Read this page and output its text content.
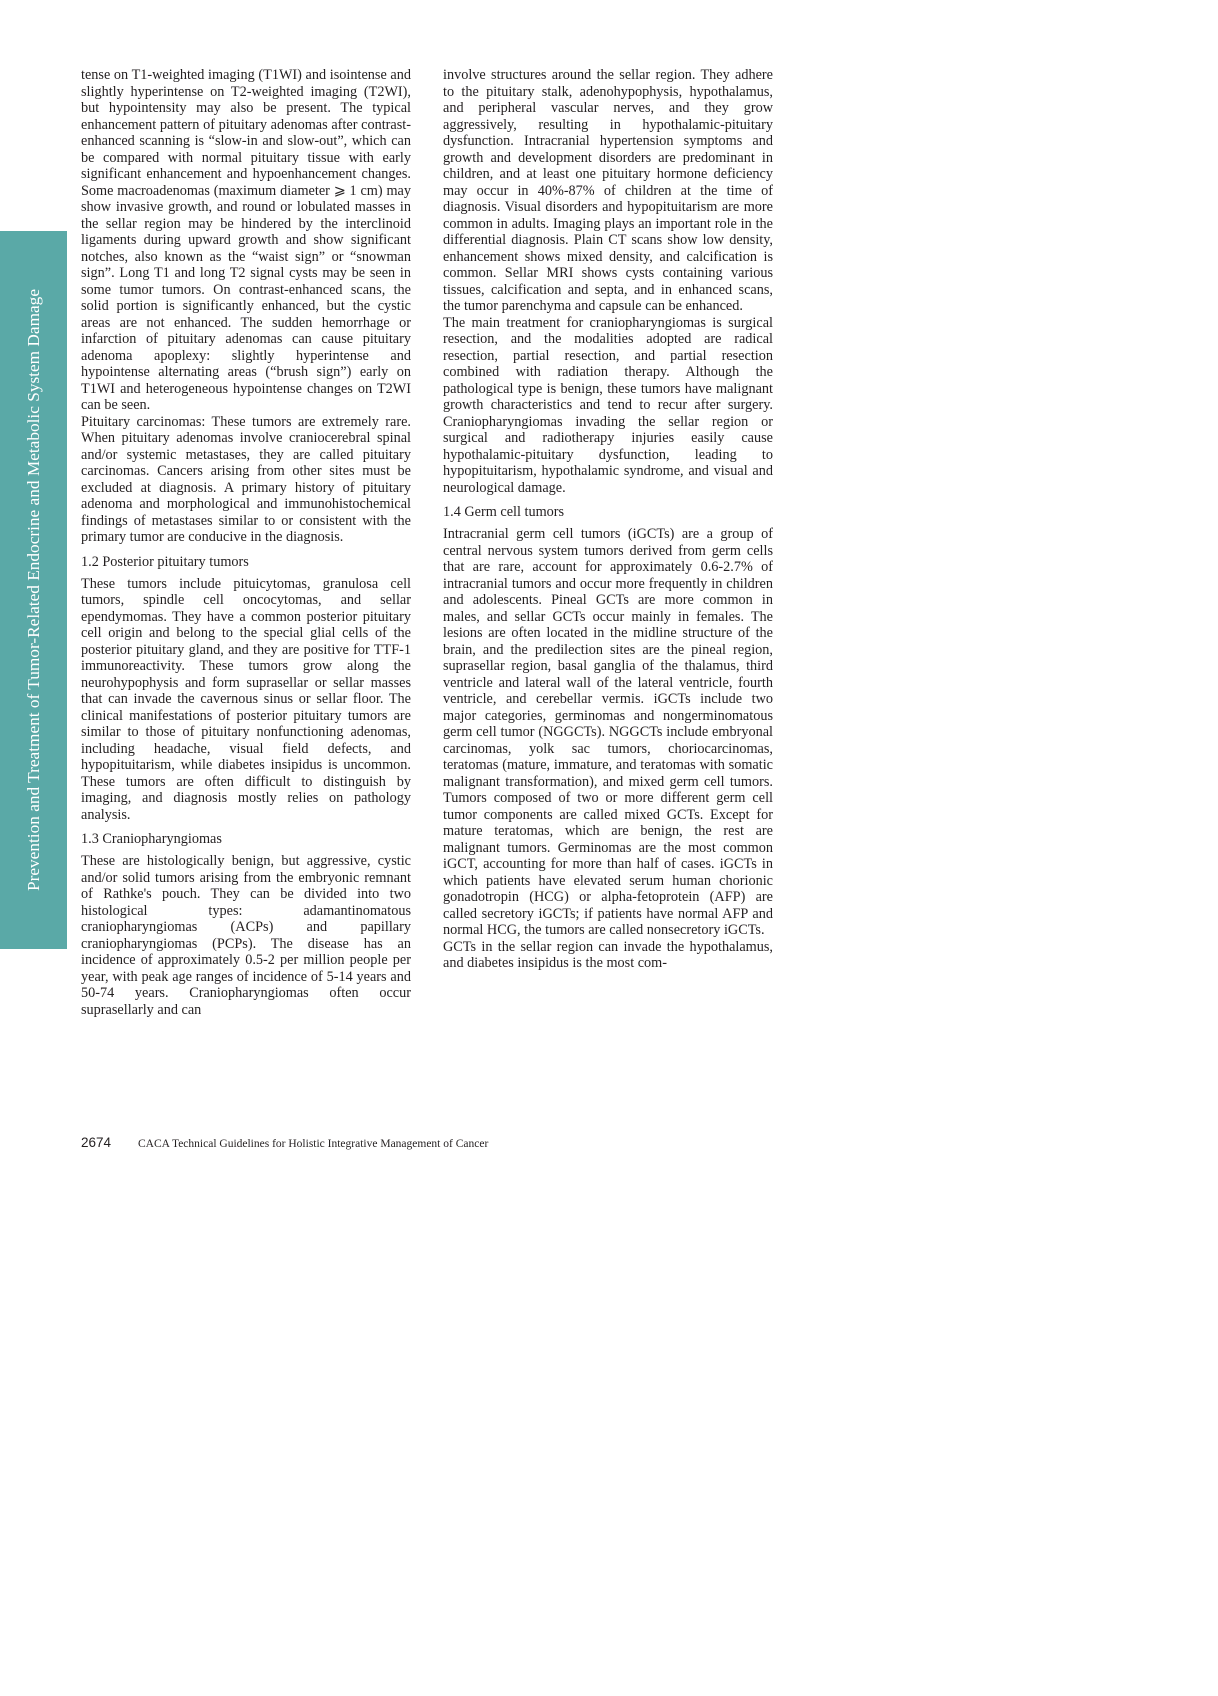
Prevention and Treatment of Tumor-Related Endocrine and Metabolic System Damage

tense on T1-weighted imaging (T1WI) and isointense and slightly hyperintense on T2-weighted imaging (T2WI), but hypointensity may also be present. The typical enhancement pattern of pituitary adenomas after contrast-enhanced scanning is “slow-in and slow-out”, which can be compared with normal pituitary tissue with early significant enhancement and hypoenhancement changes. Some macroadenomas (maximum diameter ⩾ 1 cm) may show invasive growth, and round or lobulated masses in the sellar region may be hindered by the interclinoid ligaments during upward growth and show significant notches, also known as the “waist sign” or “snowman sign”. Long T1 and long T2 signal cysts may be seen in some tumor tumors. On contrast-enhanced scans, the solid portion is significantly enhanced, but the cystic areas are not enhanced. The sudden hemorrhage or infarction of pituitary adenomas can cause pituitary adenoma apoplexy: slightly hyperintense and hypointense alternating areas (“brush sign”) early on T1WI and heterogeneous hypointense changes on T2WI can be seen.

Pituitary carcinomas: These tumors are extremely rare. When pituitary adenomas involve craniocerebral spinal and/or systemic metastases, they are called pituitary carcinomas. Cancers arising from other sites must be excluded at diagnosis. A primary history of pituitary adenoma and morphological and immunohistochemical findings of metastases similar to or consistent with the primary tumor are conducive in the diagnosis.

1.2 Posterior pituitary tumors

These tumors include pituicytomas, granulosa cell tumors, spindle cell oncocytomas, and sellar ependymomas. They have a common posterior pituitary cell origin and belong to the special glial cells of the posterior pituitary gland, and they are positive for TTF-1 immunoreactivity. These tumors grow along the neurohypophysis and form suprasellar or sellar masses that can invade the cavernous sinus or sellar floor. The clinical manifestations of posterior pituitary tumors are similar to those of pituitary nonfunctioning adenomas, including headache, visual field defects, and hypopituitarism, while diabetes insipidus is uncommon. These tumors are often difficult to distinguish by imaging, and diagnosis mostly relies on pathology analysis.

1.3 Craniopharyngiomas

These are histologically benign, but aggressive, cystic and/or solid tumors arising from the embryonic remnant of Rathke's pouch. They can be divided into two histological types: adamantinomatous craniopharyngiomas (ACPs) and papillary craniopharyngiomas (PCPs). The disease has an incidence of approximately 0.5-2 per million people per year, with peak age ranges of incidence of 5-14 years and 50-74 years. Craniopharyngiomas often occur suprasellarly and can

involve structures around the sellar region. They adhere to the pituitary stalk, adenohypophysis, hypothalamus, and peripheral vascular nerves, and they grow aggressively, resulting in hypothalamic-pituitary dysfunction. Intracranial hypertension symptoms and growth and development disorders are predominant in children, and at least one pituitary hormone deficiency may occur in 40%-87% of children at the time of diagnosis. Visual disorders and hypopituitarism are more common in adults. Imaging plays an important role in the differential diagnosis. Plain CT scans show low density, enhancement shows mixed density, and calcification is common. Sellar MRI shows cysts containing various tissues, calcification and septa, and in enhanced scans, the tumor parenchyma and capsule can be enhanced.

The main treatment for craniopharyngiomas is surgical resection, and the modalities adopted are radical resection, partial resection, and partial resection combined with radiation therapy. Although the pathological type is benign, these tumors have malignant growth characteristics and tend to recur after surgery. Craniopharyngiomas invading the sellar region or surgical and radiotherapy injuries easily cause hypothalamic-pituitary dysfunction, leading to hypopituitarism, hypothalamic syndrome, and visual and neurological damage.

1.4 Germ cell tumors

Intracranial germ cell tumors (iGCTs) are a group of central nervous system tumors derived from germ cells that are rare, account for approximately 0.6-2.7% of intracranial tumors and occur more frequently in children and adolescents. Pineal GCTs are more common in males, and sellar GCTs occur mainly in females. The lesions are often located in the midline structure of the brain, and the predilection sites are the pineal region, suprasellar region, basal ganglia of the thalamus, third ventricle and lateral wall of the lateral ventricle, fourth ventricle, and cerebellar vermis. iGCTs include two major categories, germinomas and nongerminomatous germ cell tumor (NGGCTs). NGGCTs include embryonal carcinomas, yolk sac tumors, choriocarcinomas, teratomas (mature, immature, and teratomas with somatic malignant transformation), and mixed germ cell tumors. Tumors composed of two or more different germ cell tumor components are called mixed GCTs. Except for mature teratomas, which are benign, the rest are malignant tumors. Germinomas are the most common iGCT, accounting for more than half of cases. iGCTs in which patients have elevated serum human chorionic gonadotropin (HCG) or alpha-fetoprotein (AFP) are called secretory iGCTs; if patients have normal AFP and normal HCG, the tumors are called nonsecretory iGCTs.

GCTs in the sellar region can invade the hypothalamus, and diabetes insipidus is the most com-

2674 CACA Technical Guidelines for Holistic Integrative Management of Cancer
